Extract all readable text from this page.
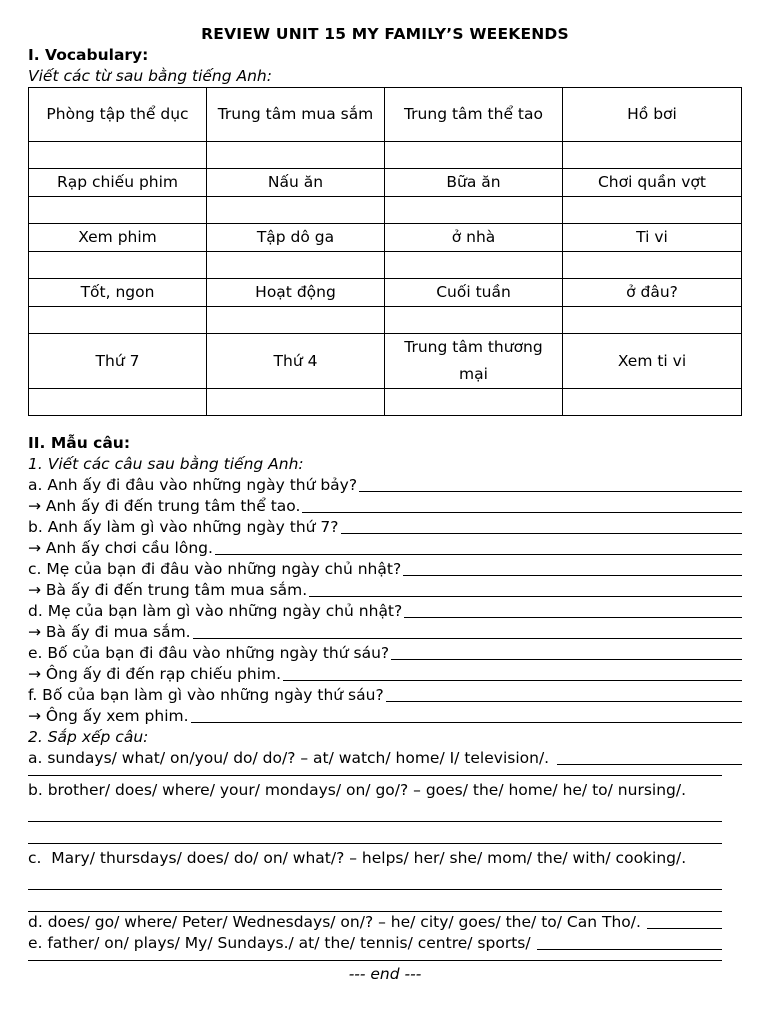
REVIEW UNIT 15 MY FAMILY’S WEEKENDS
I. Vocabulary:
Viết các từ sau bằng tiếng Anh:
Phòng tập thể dục	Trung tâm mua sắm	Trung tâm thể tao	Hồ bơi

Rạp chiếu phim	Nấu ăn	Bữa ăn	Chơi quần vợt

Xem phim	Tập dô ga	ở nhà	Ti vi

Tốt, ngon	Hoạt động	Cuối tuần	ở đâu?

Thứ 7	Thứ 4	Trung tâm thương mại	Xem ti vi

II. Mẫu câu:
1. Viết các câu sau bằng tiếng Anh:
a. Anh ấy đi đâu vào những ngày thứ bảy?
→ Anh ấy đi đến trung tâm thể tao.
b. Anh ấy làm gì vào những ngày thứ 7?
→ Anh ấy chơi cầu lông.
c. Mẹ của bạn đi đâu vào những ngày chủ nhật?
→ Bà ấy đi đến trung tâm mua sắm.
d. Mẹ của bạn làm gì vào những ngày chủ nhật?
→ Bà ấy đi mua sắm.
e. Bố của bạn đi đâu vào những ngày thứ sáu?
→ Ông ấy đi đến rạp chiếu phim.
f. Bố của bạn làm gì vào những ngày thứ sáu?
→ Ông ấy xem phim.
2. Sắp xếp câu:
a. sundays/ what/ on/you/ do/ do/? – at/ watch/ home/ I/ television/.
b. brother/ does/ where/ your/ mondays/ on/ go/? – goes/ the/ home/ he/ to/ nursing/.
c.  Mary/ thursdays/ does/ do/ on/ what/? – helps/ her/ she/ mom/ the/ with/ cooking/.
d. does/ go/ where/ Peter/ Wednesdays/ on/? – he/ city/ goes/ the/ to/ Can Tho/.
e. father/ on/ plays/ My/ Sundays./ at/ the/ tennis/ centre/ sports/
--- end ---
